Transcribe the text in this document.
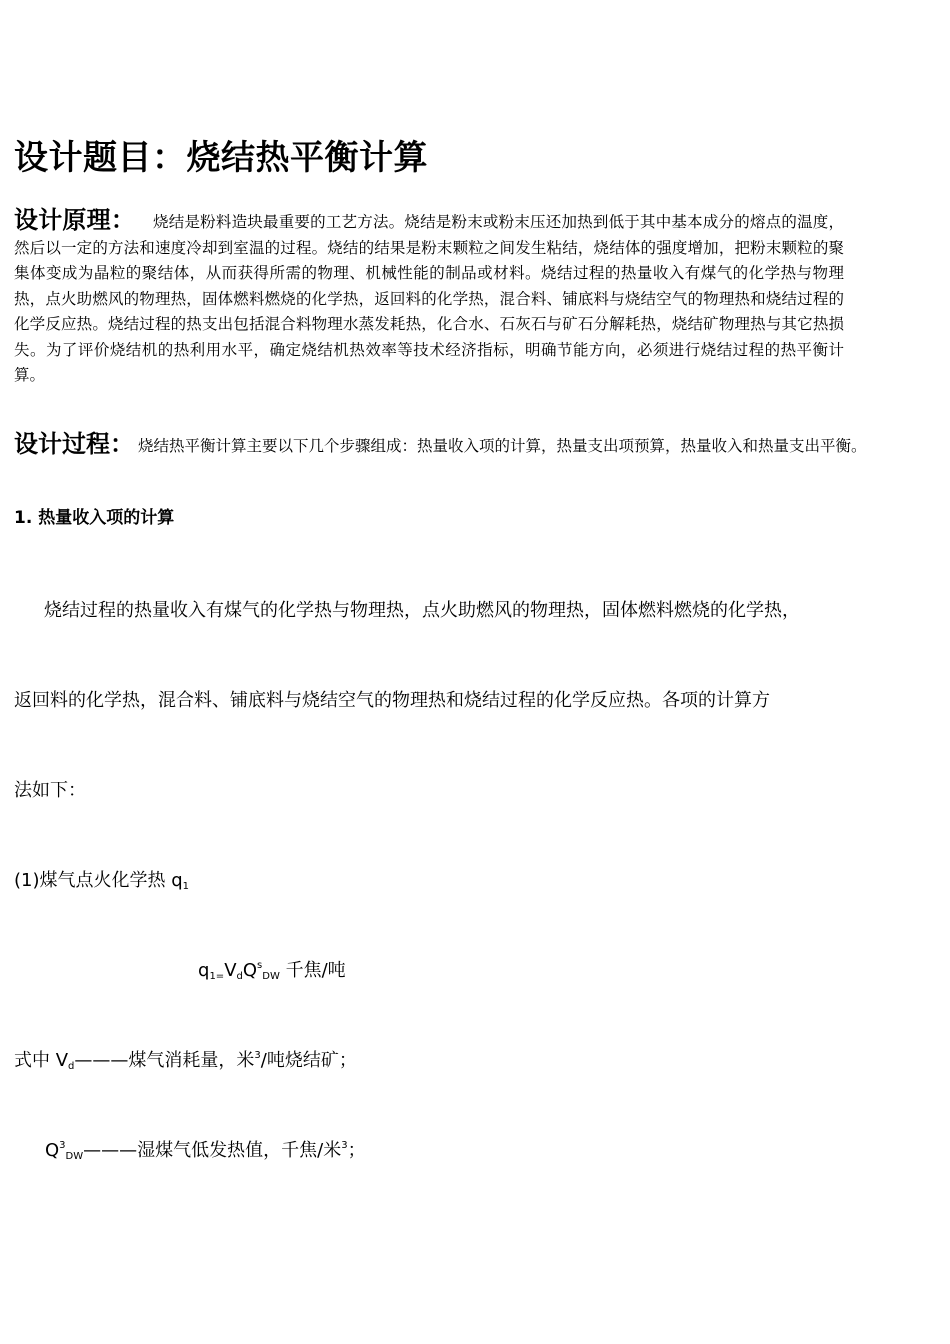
设计题目：烧结热平衡计算
设计原理： 烧结是粉料造块最重要的工艺方法。烧结是粉末或粉末压还加热到低于其中基本成分的熔点的温度，然后以一定的方法和速度冷却到室温的过程。烧结的结果是粉末颗粒之间发生粘结，烧结体的强度增加，把粉末颗粒的聚集体变成为晶粒的聚结体，从而获得所需的物理、机械性能的制品或材料。烧结过程的热量收入有煤气的化学热与物理热，点火助燃风的物理热，固体燃料燃烧的化学热，返回料的化学热，混合料、铺底料与烧结空气的物理热和烧结过程的化学反应热。烧结过程的热支出包括混合料物理水蒸发耗热，化合水、石灰石与矿石分解耗热，烧结矿物理热与其它热损失。为了评价烧结机的热利用水平，确定烧结机热效率等技术经济指标，明确节能方向，必须进行烧结过程的热平衡计算。
设计过程： 烧结热平衡计算主要以下几个步骤组成：热量收入项的计算，热量支出项预算，热量收入和热量支出平衡。
1. 热量收入项的计算
烧结过程的热量收入有煤气的化学热与物理热，点火助燃风的物理热，固体燃料燃烧的化学热，
返回料的化学热，混合料、铺底料与烧结空气的物理热和烧结过程的化学反应热。各项的计算方
法如下：
(1)煤气点火化学热 $q_1$
$q_{1=}V_dQ^s_{DW}$ 千焦/吨
式中 $V_d———$煤气消耗量，米$^3$/吨烧结矿；
$Q^3_{DW}———$湿煤气低发热值，千焦/米$^3$；
